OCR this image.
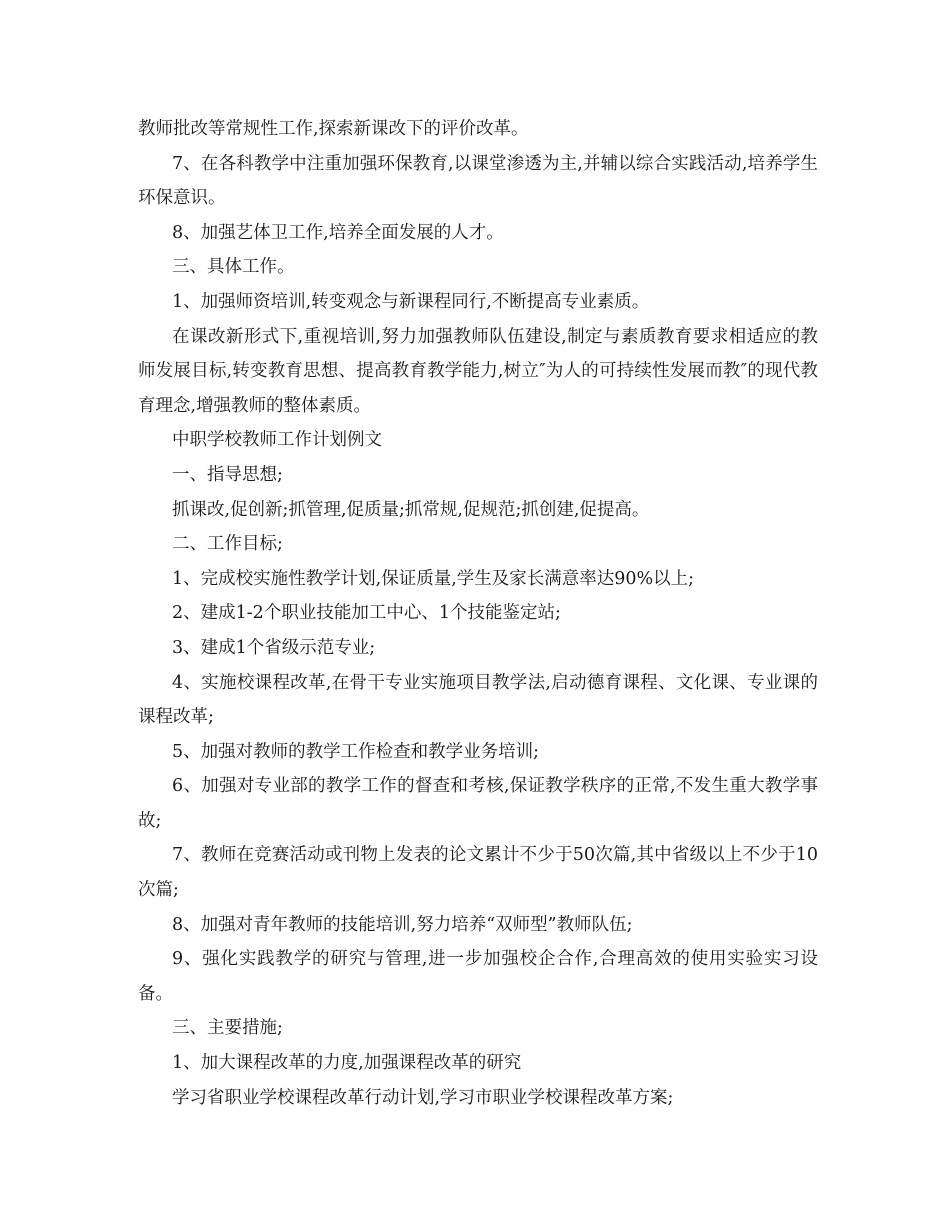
教师批改等常规性工作,探索新课改下的评价改革。

7、在各科教学中注重加强环保教育,以课堂渗透为主,并辅以综合实践活动,培养学生环保意识。

8、加强艺体卫工作,培养全面发展的人才。

三、具体工作。

1、加强师资培训,转变观念与新课程同行,不断提高专业素质。

在课改新形式下,重视培训,努力加强教师队伍建设,制定与素质教育要求相适应的教师发展目标,转变教育思想、提高教育教学能力,树立″为人的可持续性发展而教″的现代教育理念,增强教师的整体素质。

中职学校教师工作计划例文

一、指导思想;

抓课改,促创新;抓管理,促质量;抓常规,促规范;抓创建,促提高。

二、工作目标;

1、完成校实施性教学计划,保证质量,学生及家长满意率达90%以上;

2、建成1-2个职业技能加工中心、1个技能鉴定站;

3、建成1个省级示范专业;

4、实施校课程改革,在骨干专业实施项目教学法,启动德育课程、文化课、专业课的课程改革;

5、加强对教师的教学工作检查和教学业务培训;

6、加强对专业部的教学工作的督查和考核,保证教学秩序的正常,不发生重大教学事故;

7、教师在竞赛活动或刊物上发表的论文累计不少于50次篇,其中省级以上不少于10次篇;

8、加强对青年教师的技能培训,努力培养“双师型”教师队伍;

9、强化实践教学的研究与管理,进一步加强校企合作,合理高效的使用实验实习设备。

三、主要措施;

1、加大课程改革的力度,加强课程改革的研究

学习省职业学校课程改革行动计划,学习市职业学校课程改革方案;
